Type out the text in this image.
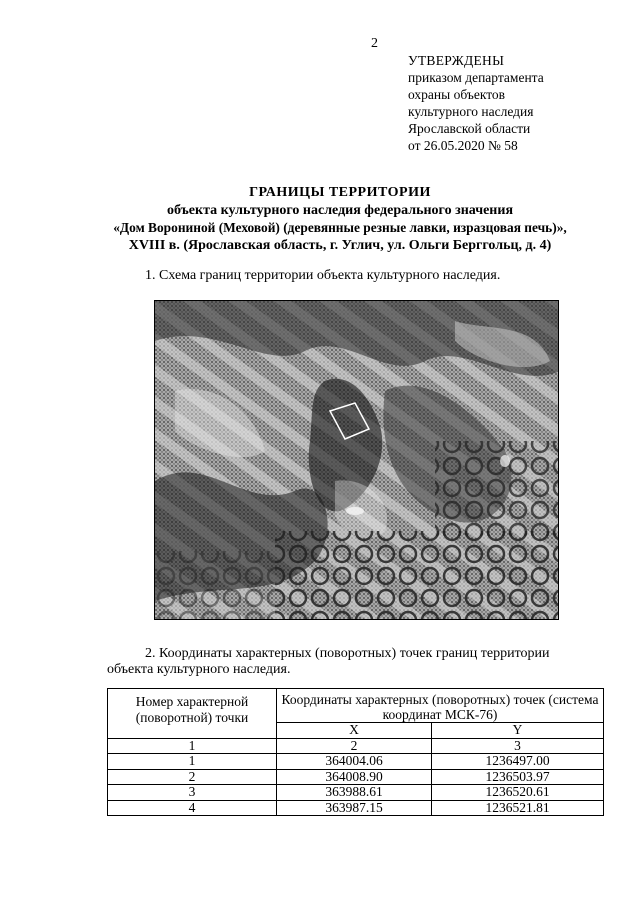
2
УТВЕРЖДЕНЫ
приказом департамента
охраны объектов
культурного наследия
Ярославской области
от 26.05.2020 № 58
ГРАНИЦЫ ТЕРРИТОРИИ
объекта культурного наследия федерального значения
«Дом Ворониной (Меховой) (деревянные резные лавки, изразцовая печь)»,
XVIII в. (Ярославская область, г. Углич, ул. Ольги Берггольц, д. 4)
1. Схема границ территории объекта культурного наследия.
2. Координаты характерных (поворотных) точек границ территории
объекта культурного наследия.
Номер характерной (поворотной) точки	Координаты характерных (поворотных) точек (система координат МСК-76)	
	X	Y
1	2	3
1	364004.06	1236497.00
2	364008.90	1236503.97
3	363988.61	1236520.61
4	363987.15	1236521.81
